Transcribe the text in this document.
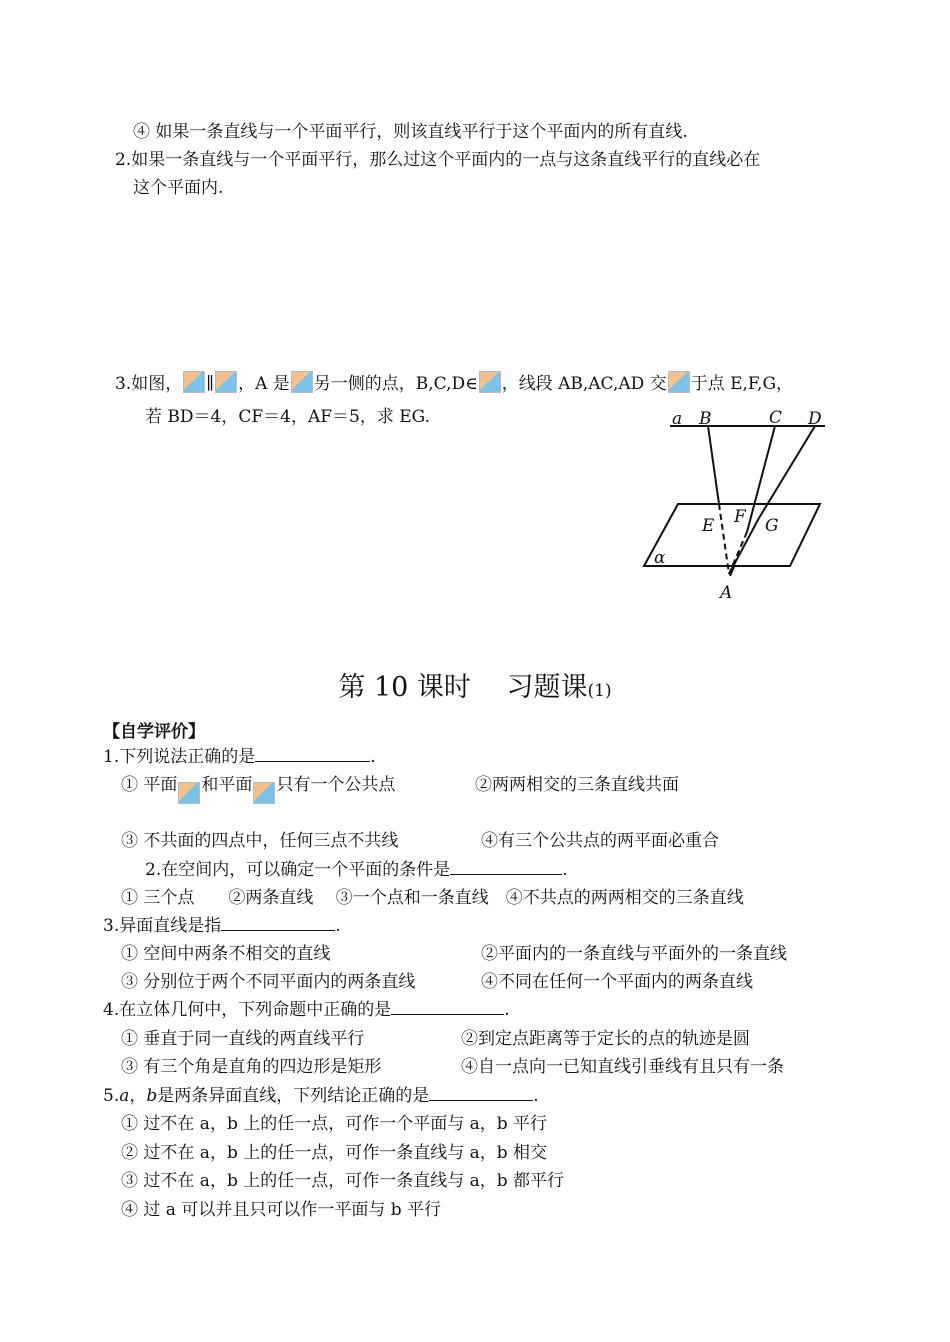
④ 如果一条直线与一个平面平行，则该直线平行于这个平面内的所有直线.
2.如果一条直线与一个平面平行，那么过这个平面内的一点与这条直线平行的直线必在
这个平面内.
3.如图， ∥ ，A 是 另一侧的点，B,C,D∈ ，线段 AB,AC,AD 交 于点 E,F,G，
若 BD＝4，CF＝4，AF＝5，求 EG.	a B	C D
E F G
α
A
第 10 课时　 习题课(1)
【自学评价】
1.下列说法正确的是	.
① 平面 和平面 只有一个公共点	②两两相交的三条直线共面
③ 不共面的四点中，任何三点不共线	④有三个公共点的两平面必重合
2.在空间内，可以确定一个平面的条件是	.
① 三个点　　②两条直线　 ③一个点和一条直线　④不共点的两两相交的三条直线
3.异面直线是指	.
① 空间中两条不相交的直线	②平面内的一条直线与平面外的一条直线
③ 分别位于两个不同平面内的两条直线	④不同在任何一个平面内的两条直线
4.在立体几何中，下列命题中正确的是	.
① 垂直于同一直线的两直线平行	②到定点距离等于定长的点的轨迹是圆
③ 有三个角是直角的四边形是矩形	④自一点向一已知直线引垂线有且只有一条
5.a，b是两条异面直线，下列结论正确的是	.
① 过不在 a，b 上的任一点，可作一个平面与 a，b 平行
② 过不在 a，b 上的任一点，可作一条直线与 a，b 相交
③ 过不在 a，b 上的任一点，可作一条直线与 a，b 都平行
④ 过 a 可以并且只可以作一平面与 b 平行
